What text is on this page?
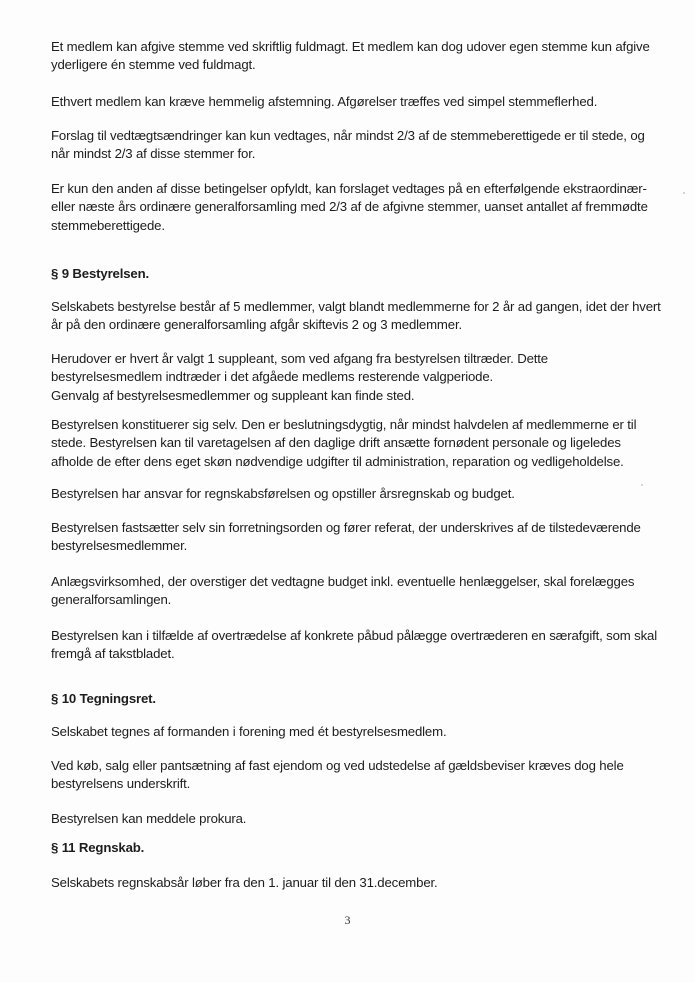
Et medlem kan afgive stemme ved skriftlig fuldmagt. Et medlem kan dog udover egen stemme kun afgive yderligere én stemme ved fuldmagt.

Ethvert medlem kan kræve hemmelig afstemning. Afgørelser træffes ved simpel stemmeflerhed.

Forslag til vedtægtsændringer kan kun vedtages, når mindst 2/3 af de stemmeberettigede er til stede, og når mindst 2/3 af disse stemmer for.

Er kun den anden af disse betingelser opfyldt, kan forslaget vedtages på en efterfølgende ekstraordinær- eller næste års ordinære generalforsamling med 2/3 af de afgivne stemmer, uanset antallet af fremmødte stemmeberettigede.

§ 9 Bestyrelsen.

Selskabets bestyrelse består af 5 medlemmer, valgt blandt medlemmerne for 2 år ad gangen, idet der hvert år på den ordinære generalforsamling afgår skiftevis 2 og 3 medlemmer.

Herudover er hvert år valgt 1 suppleant, som ved afgang fra bestyrelsen tiltræder. Dette bestyrelsesmedlem indtræder i det afgåede medlems resterende valgperiode.

Genvalg af bestyrelsesmedlemmer og suppleant kan finde sted.

Bestyrelsen konstituerer sig selv. Den er beslutningsdygtig, når mindst halvdelen af medlemmerne er til stede. Bestyrelsen kan til varetagelsen af den daglige drift ansætte fornødent personale og ligeledes afholde de efter dens eget skøn nødvendige udgifter til administration, reparation og vedligeholdelse.

Bestyrelsen har ansvar for regnskabsførelsen og opstiller årsregnskab og budget.

Bestyrelsen fastsætter selv sin forretningsorden og fører referat, der underskrives af de tilstedeværende bestyrelsesmedlemmer.

Anlægsvirksomhed, der overstiger det vedtagne budget inkl. eventuelle henlæggelser, skal forelægges generalforsamlingen.

Bestyrelsen kan i tilfælde af overtrædelse af konkrete påbud pålægge overtræderen en særafgift, som skal fremgå af takstbladet.

§ 10 Tegningsret.

Selskabet tegnes af formanden i forening med ét bestyrelsesmedlem.

Ved køb, salg eller pantsætning af fast ejendom og ved udstedelse af gældsbeviser kræves dog hele bestyrelsens underskrift.

Bestyrelsen kan meddele prokura.

§ 11 Regnskab.

Selskabets regnskabsår løber fra den 1. januar til den 31.december.

3
